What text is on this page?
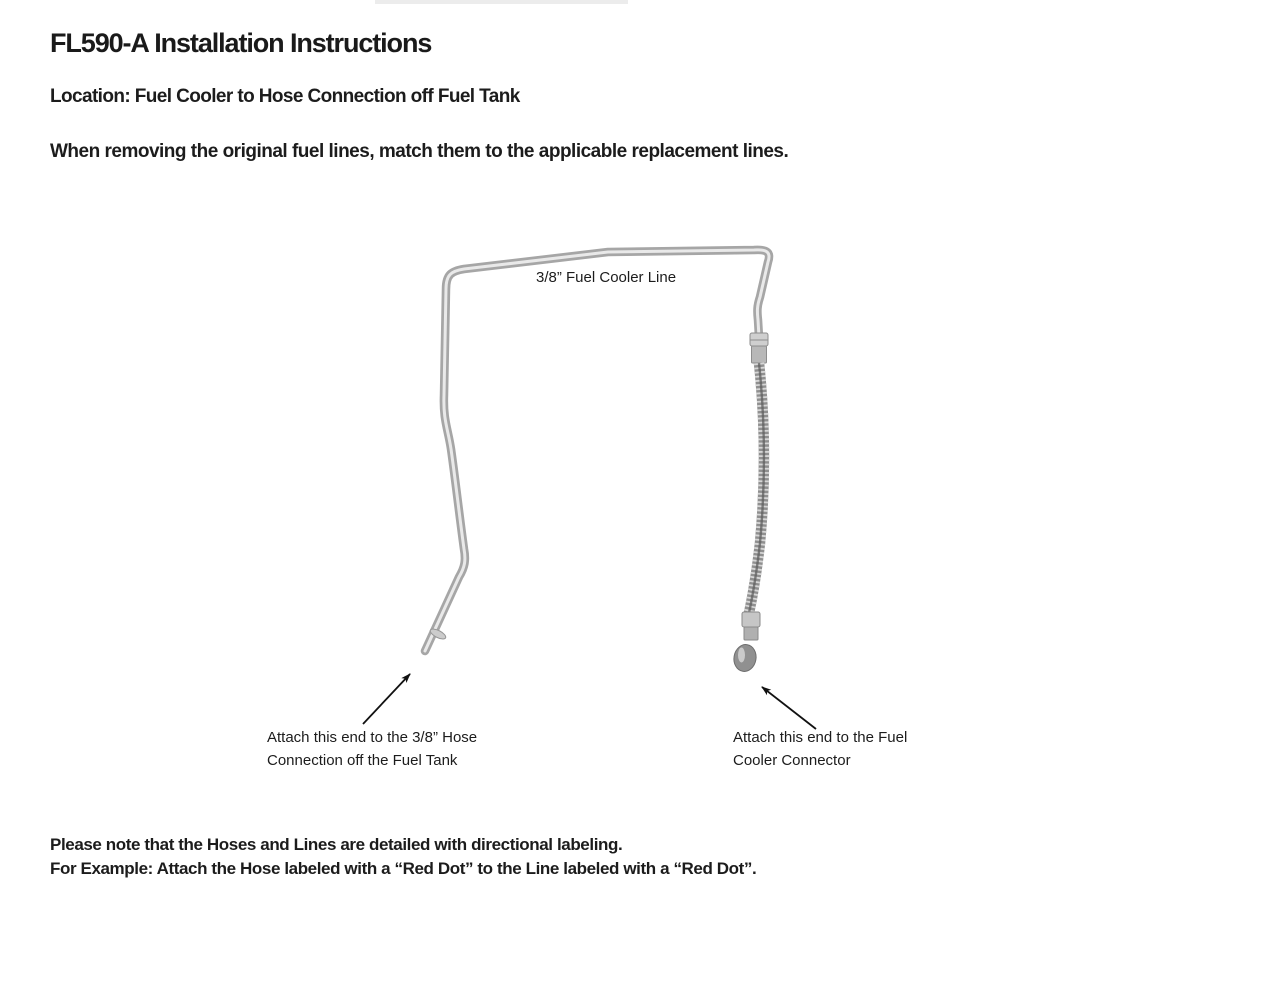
FL590-A Installation Instructions
Location: Fuel Cooler to Hose Connection off Fuel Tank
When removing the original fuel lines, match them to the applicable replacement lines.
3/8” Fuel Cooler Line
Attach this end to the 3/8” Hose
Connection off the Fuel Tank
Attach this end to the Fuel
Cooler Connector
Please note that the Hoses and Lines are detailed with directional labeling.
For Example: Attach the Hose labeled with a “Red Dot” to the Line labeled with a “Red Dot”.
